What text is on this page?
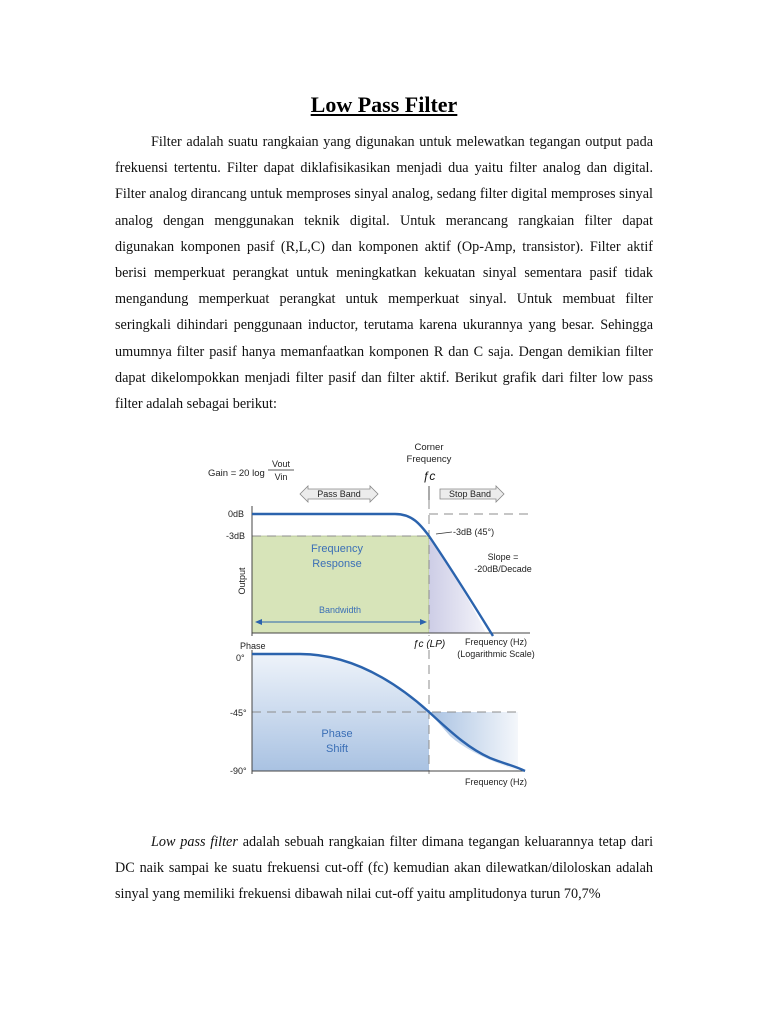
Low Pass Filter

Filter adalah suatu rangkaian yang digunakan untuk melewatkan tegangan output pada frekuensi tertentu. Filter dapat diklafisikasikan menjadi dua yaitu filter analog dan digital. Filter analog dirancang untuk memproses sinyal analog, sedang filter digital memproses sinyal analog dengan menggunakan teknik digital. Untuk merancang rangkaian filter dapat digunakan komponen pasif (R,L,C) dan komponen aktif (Op-Amp, transistor). Filter aktif berisi memperkuat perangkat untuk meningkatkan kekuatan sinyal sementara pasif tidak mengandung memperkuat perangkat untuk memperkuat sinyal. Untuk membuat filter seringkali dihindari penggunaan inductor, terutama karena ukurannya yang besar. Sehingga umumnya filter pasif hanya memanfaatkan komponen R dan C saja. Dengan demikian filter dapat dikelompokkan menjadi filter pasif dan filter aktif. Berikut grafik dari filter low pass filter adalah sebagai berikut:

Corner
Frequency
ƒc
Gain = 20 log
Vout
Vin
Pass Band	Stop Band
0dB
-3dB	-3dB (45°)
Frequency
Response
Slope =
-20dB/Decade
Output
Bandwidth
ƒc (LP) Frequency (Hz)
(Logarithmic Scale)
Phase
0°
-45°
-90°
Phase
Shift
Frequency (Hz)

Low pass filter adalah sebuah rangkaian filter dimana tegangan keluarannya tetap dari DC naik sampai ke suatu frekuensi cut-off (fc) kemudian akan dilewatkan/diloloskan adalah sinyal yang memiliki frekuensi dibawah nilai cut-off yaitu amplitudonya turun 70,7%
